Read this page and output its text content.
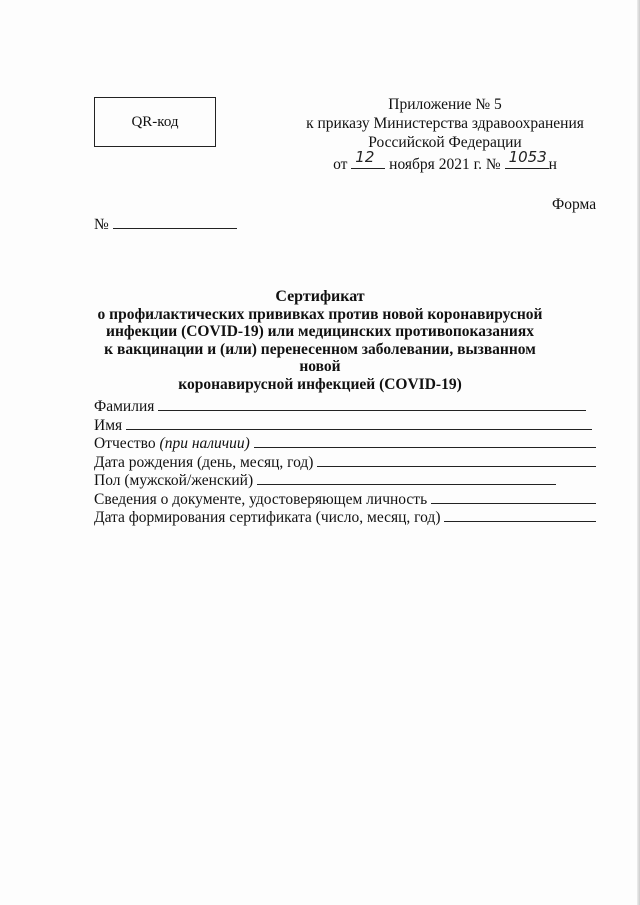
QR-код
Приложение № 5
к приказу Министерства здравоохранения
Российской Федерации
от 12 ноября 2021 г. № 1053 н
Форма
№
Сертификат
о профилактических прививках против новой коронавирусной
инфекции (COVID-19) или медицинских противопоказаниях
к вакцинации и (или) перенесенном заболевании, вызванном новой
коронавирусной инфекцией (COVID-19)
Фамилия
Имя
Отчество (при наличии)
Дата рождения (день, месяц, год)
Пол (мужской/женский)
Сведения о документе, удостоверяющем личность
Дата формирования сертификата (число, месяц, год)
